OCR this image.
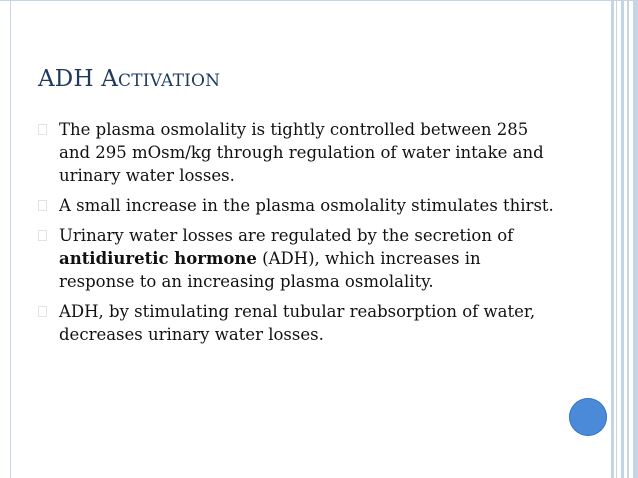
ADH ACTIVATION
The plasma osmolality is tightly controlled between 285 and 295 mOsm/kg through regulation of water intake and urinary water losses.
A small increase in the plasma osmolality stimulates thirst.
Urinary water losses are regulated by the secretion of antidiuretic hormone (ADH), which increases in response to an increasing plasma osmolality.
ADH, by stimulating renal tubular reabsorption of water, decreases urinary water losses.
